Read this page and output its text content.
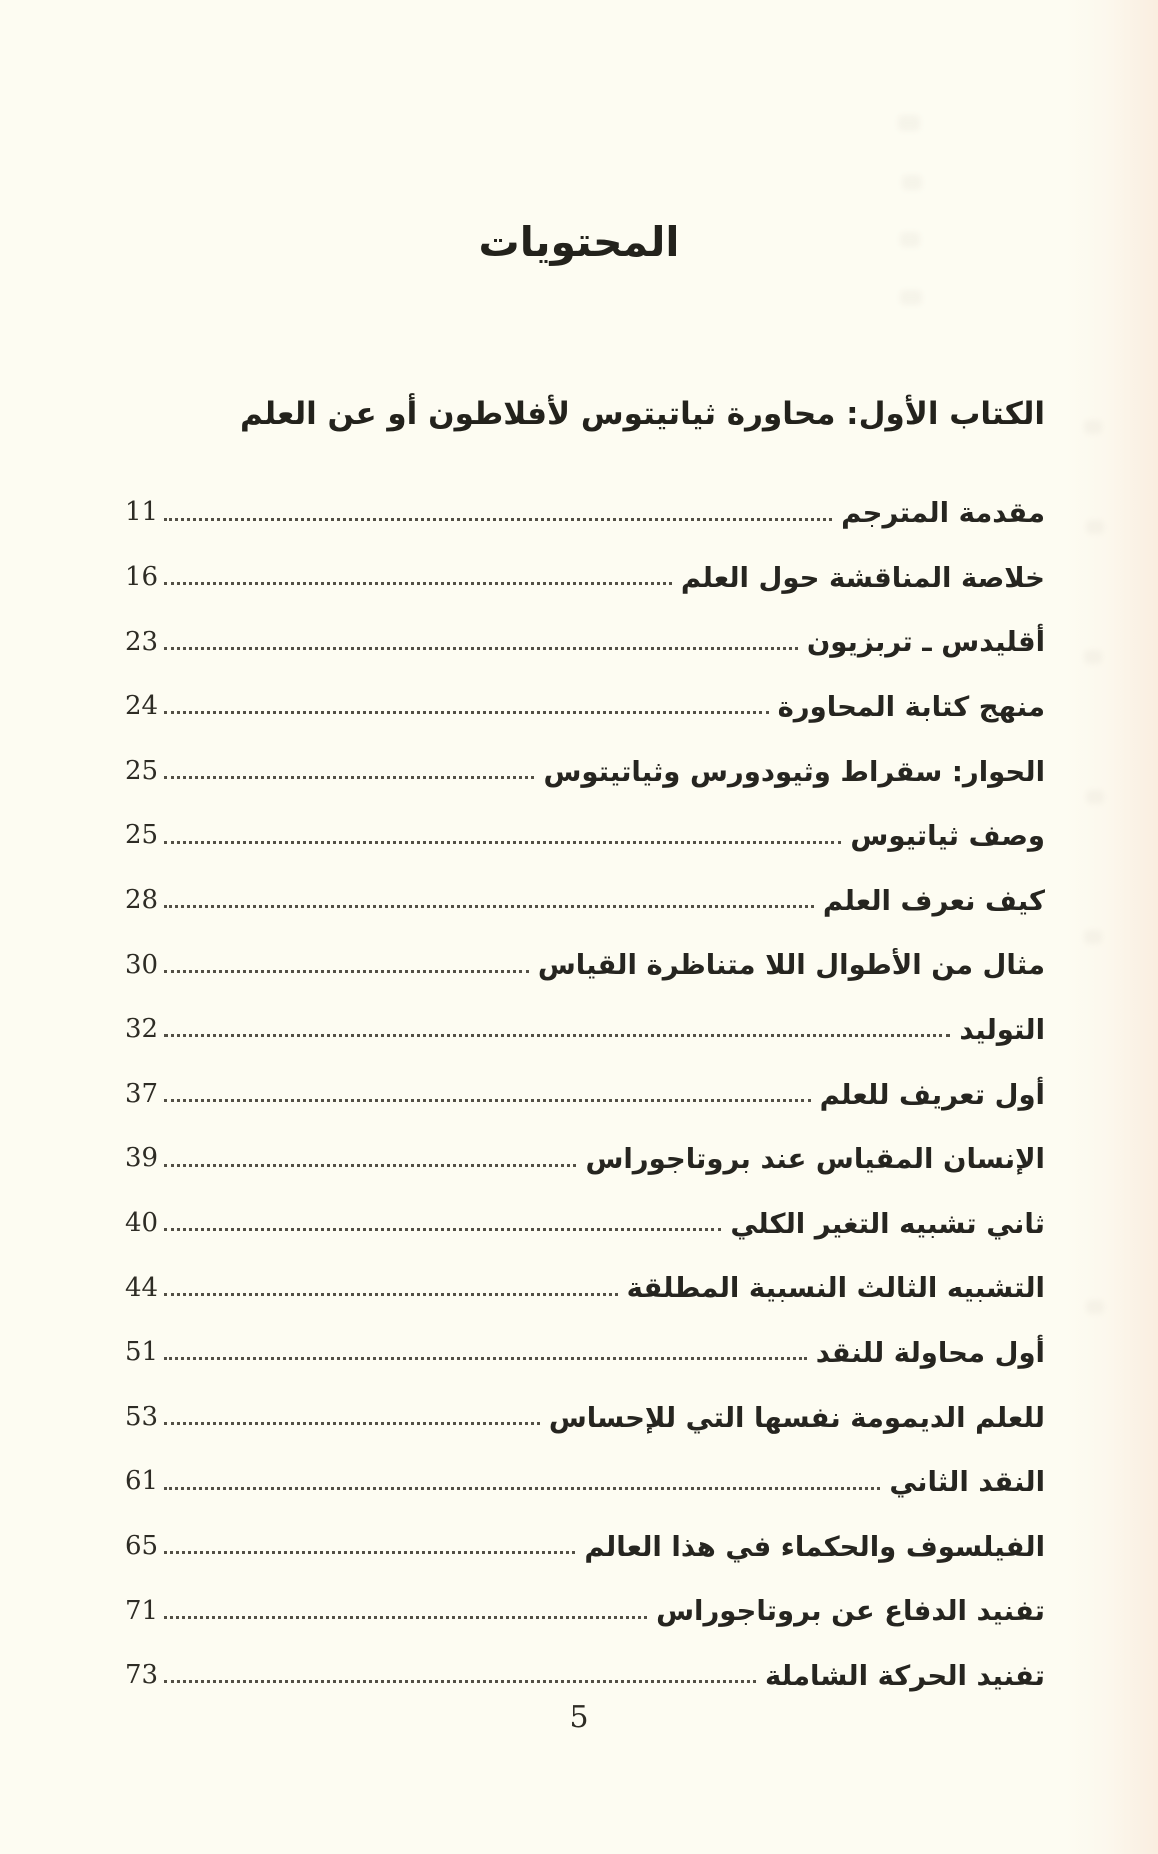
المحتويات
الكتاب الأول: محاورة ثياتيتوس لأفلاطون أو عن العلم
مقدمة المترجم
11
خلاصة المناقشة حول العلم
16
أقليدس ـ تربزيون
23
منهج كتابة المحاورة
24
الحوار: سقراط وثيودورس وثياتيتوس
25
وصف ثياتيوس
25
كيف نعرف العلم
28
مثال من الأطوال اللا متناظرة القياس
30
التوليد
32
أول تعريف للعلم
37
الإنسان المقياس عند بروتاجوراس
39
ثاني تشبيه التغير الكلي
40
التشبيه الثالث النسبية المطلقة
44
أول محاولة للنقد
51
للعلم الديمومة نفسها التي للإحساس
53
النقد الثاني
61
الفيلسوف والحكماء في هذا العالم
65
تفنيد الدفاع عن بروتاجوراس
71
تفنيد الحركة الشاملة
73
5
